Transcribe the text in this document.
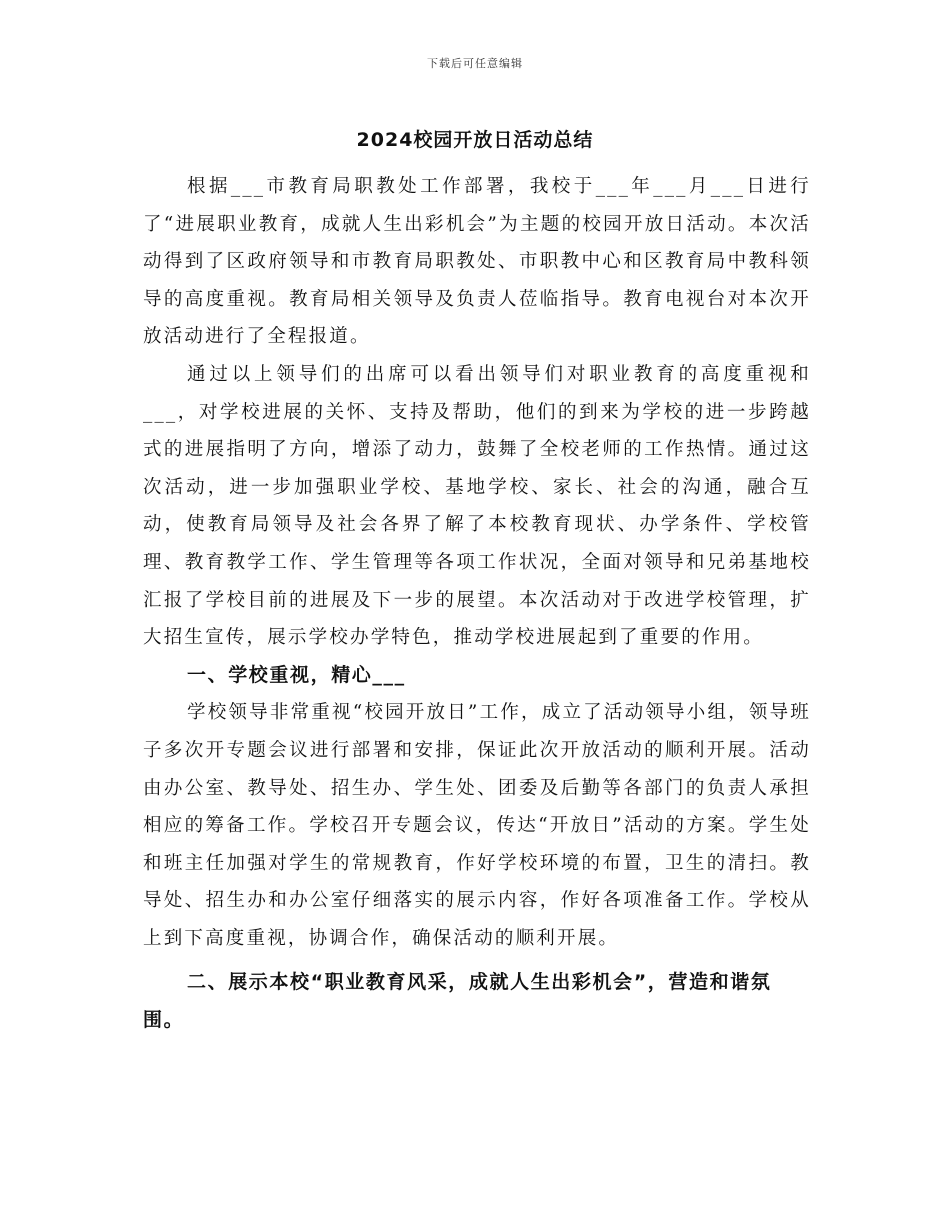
下载后可任意编辑
2024校园开放日活动总结

根据___市教育局职教处工作部署，我校于___年___月___日进行了“进展职业教育，成就人生出彩机会”为主题的校园开放日活动。本次活动得到了区政府领导和市教育局职教处、市职教中心和区教育局中教科领导的高度重视。教育局相关领导及负责人莅临指导。教育电视台对本次开放活动进行了全程报道。

通过以上领导们的出席可以看出领导们对职业教育的高度重视和___，对学校进展的关怀、支持及帮助，他们的到来为学校的进一步跨越式的进展指明了方向，增添了动力，鼓舞了全校老师的工作热情。通过这次活动，进一步加强职业学校、基地学校、家长、社会的沟通，融合互动，使教育局领导及社会各界了解了本校教育现状、办学条件、学校管理、教育教学工作、学生管理等各项工作状况，全面对领导和兄弟基地校汇报了学校目前的进展及下一步的展望。本次活动对于改进学校管理，扩大招生宣传，展示学校办学特色，推动学校进展起到了重要的作用。

一、学校重视，精心___

学校领导非常重视“校园开放日”工作，成立了活动领导小组，领导班子多次开专题会议进行部署和安排，保证此次开放活动的顺利开展。活动由办公室、教导处、招生办、学生处、团委及后勤等各部门的负责人承担相应的筹备工作。学校召开专题会议，传达“开放日”活动的方案。学生处和班主任加强对学生的常规教育，作好学校环境的布置，卫生的清扫。教导处、招生办和办公室仔细落实的展示内容，作好各项准备工作。学校从上到下高度重视，协调合作，确保活动的顺利开展。

二、展示本校“职业教育风采，成就人生出彩机会”，营造和谐氛围。
